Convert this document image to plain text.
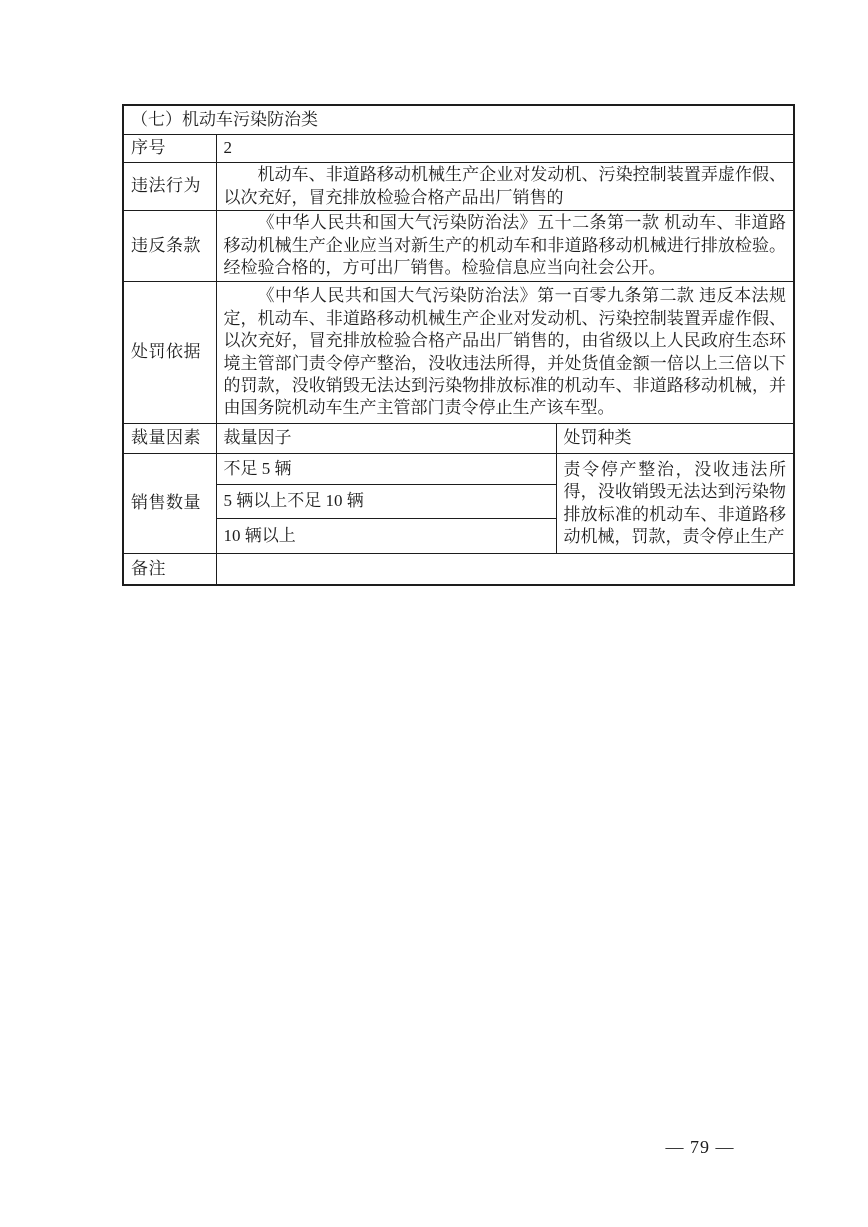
（七）机动车污染防治类		
序号	2	
违法行为	机动车、非道路移动机械生产企业对发动机、污染控制装置弄虚作假、以次充好，冒充排放检验合格产品出厂销售的	
违反条款	《中华人民共和国大气污染防治法》五十二条第一款 机动车、非道路移动机械生产企业应当对新生产的机动车和非道路移动机械进行排放检验。经检验合格的，方可出厂销售。检验信息应当向社会公开。	
处罚依据	《中华人民共和国大气污染防治法》第一百零九条第二款 违反本法规定，机动车、非道路移动机械生产企业对发动机、污染控制装置弄虚作假、以次充好，冒充排放检验合格产品出厂销售的，由省级以上人民政府生态环境主管部门责令停产整治，没收违法所得，并处货值金额一倍以上三倍以下的罚款，没收销毁无法达到污染物排放标准的机动车、非道路移动机械，并由国务院机动车生产主管部门责令停止生产该车型。	
裁量因素	裁量因子	处罚种类
销售数量	不足 5 辆	责令停产整治，没收违法所得，没收销毁无法达到污染物排放标准的机动车、非道路移动机械，罚款，责令停止生产
	5 辆以上不足 10 辆	
	10 辆以上	
备注		
— 79 —
